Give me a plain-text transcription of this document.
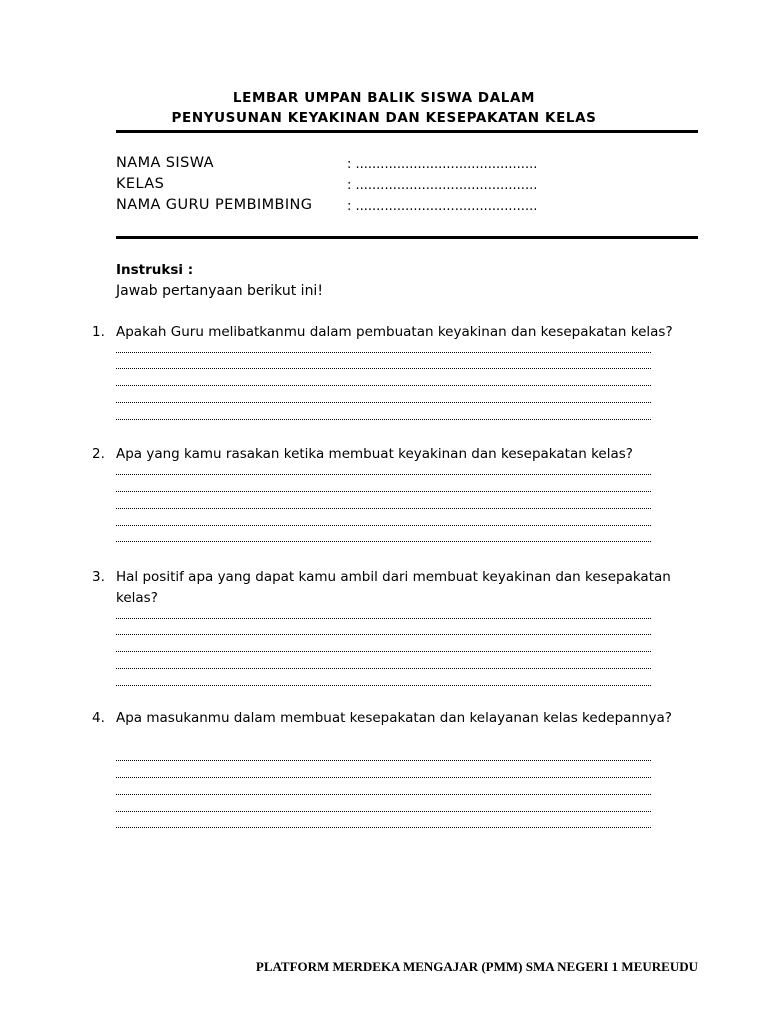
LEMBAR UMPAN BALIK SISWA DALAM
PENYUSUNAN KEYAKINAN DAN KESEPAKATAN KELAS
NAMA SISWA	: ............................................
KELAS	: ............................................
NAMA GURU PEMBIMBING	: ............................................
Instruksi :
Jawab pertanyaan berikut ini!
1. Apakah Guru melibatkanmu dalam pembuatan keyakinan dan kesepakatan kelas?
2. Apa yang kamu rasakan ketika membuat keyakinan dan kesepakatan kelas?
3. Hal positif apa yang dapat kamu ambil dari membuat keyakinan dan kesepakatan
kelas?
4. Apa masukanmu dalam membuat kesepakatan dan kelayanan kelas kedepannya?
PLATFORM MERDEKA MENGAJAR (PMM) SMA NEGERI 1 MEUREUDU
